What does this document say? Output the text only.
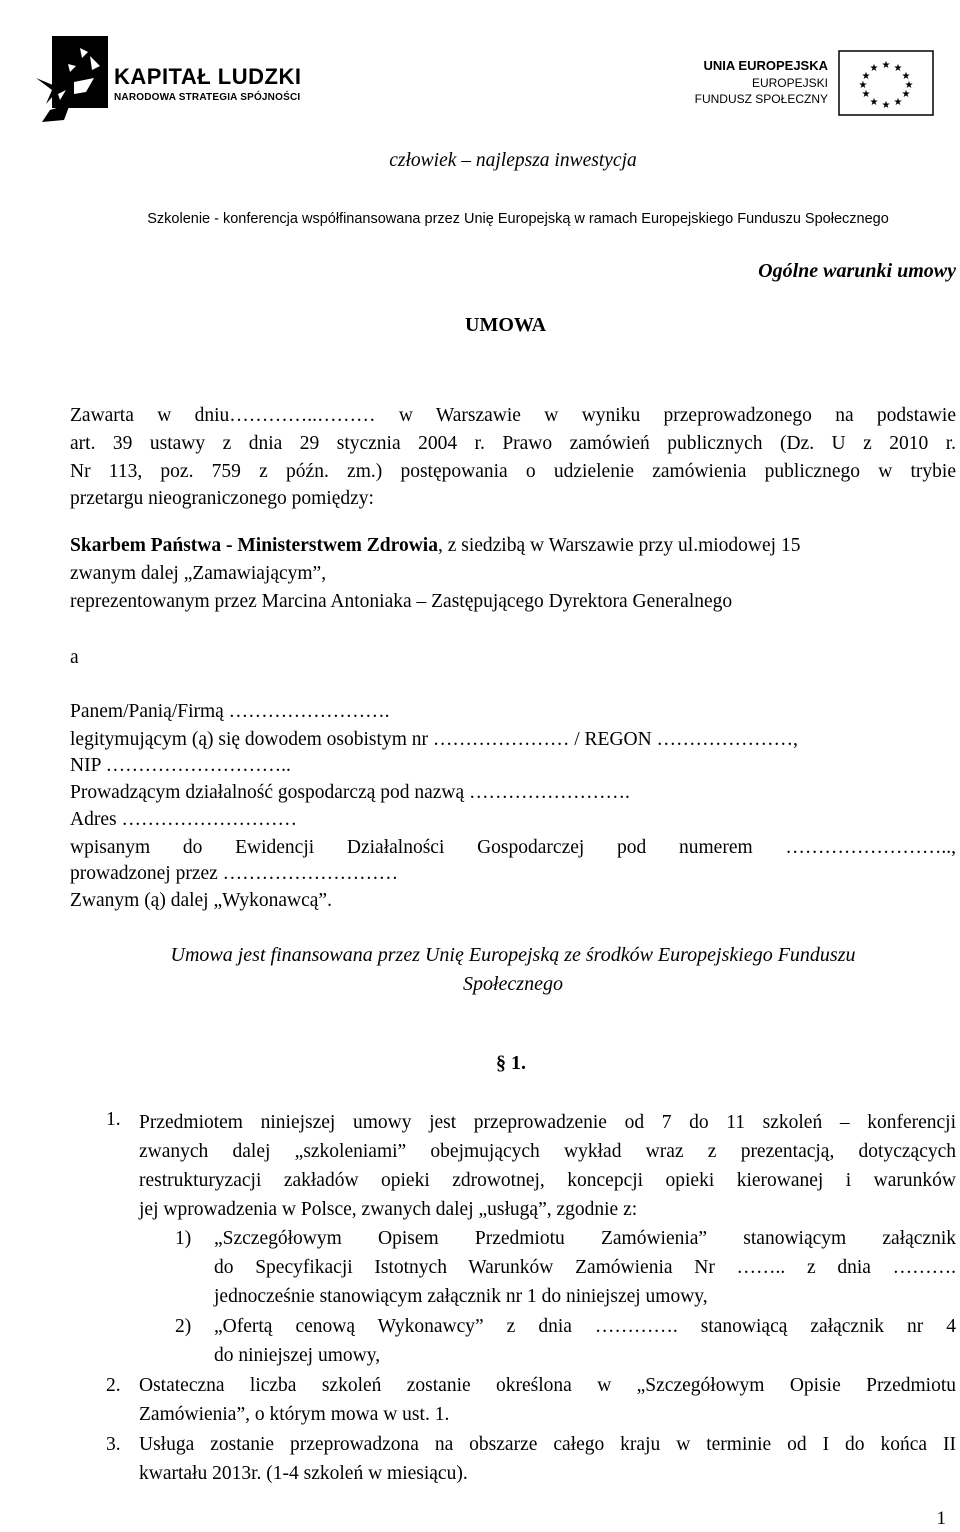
KAPITAŁ LUDZKI
NARODOWA STRATEGIA SPÓJNOŚCI
UNIA EUROPEJSKA
EUROPEJSKI
FUNDUSZ SPOŁECZNY
★ ★
★
★
★
★
★
★
★
★
★
★
człowiek – najlepsza inwestycja
Szkolenie - konferencja współfinansowana przez Unię Europejską w ramach Europejskiego Funduszu Społecznego
Ogólne warunki umowy
UMOWA
Zawarta w dniu…………..……… w Warszawie w wyniku przeprowadzonego na podstawie
art. 39 ustawy z dnia 29 stycznia 2004 r. Prawo zamówień publicznych (Dz. U z 2010 r.
Nr 113, poz. 759 z późn. zm.) postępowania o udzielenie zamówienia publicznego w trybie
przetargu nieograniczonego pomiędzy:
Skarbem Państwa - Ministerstwem Zdrowia, z siedzibą w Warszawie przy ul.miodowej 15
zwanym dalej „Zamawiającym”,
reprezentowanym przez Marcina Antoniaka – Zastępującego Dyrektora Generalnego
a
Panem/Panią/Firmą …………………….
legitymującym (ą) się dowodem osobistym nr ………………… / REGON …………………,
NIP ………………………..
Prowadzącym działalność gospodarczą pod nazwą …………………….
Adres ………………………
wpisanym do Ewidencji Działalności Gospodarczej pod numerem ……………………..,
prowadzonej przez ………………………
Zwanym (ą) dalej „Wykonawcą”.
Umowa jest finansowana przez Unię Europejską ze środków Europejskiego Funduszu
Społecznego
§ 1.
1. Przedmiotem niniejszej umowy jest przeprowadzenie od 7 do 11 szkoleń – konferencji
zwanych dalej „szkoleniami” obejmujących wykład wraz z prezentacją, dotyczących
restrukturyzacji zakładów opieki zdrowotnej, koncepcji opieki kierowanej i warunków
jej wprowadzenia w Polsce, zwanych dalej „usługą”, zgodnie z:
1) „Szczegółowym Opisem Przedmiotu Zamówienia” stanowiącym załącznik
do Specyfikacji Istotnych Warunków Zamówienia Nr …….. z dnia ……….
jednocześnie stanowiącym załącznik nr 1 do niniejszej umowy,
2) „Ofertą cenową Wykonawcy” z dnia …………. stanowiącą załącznik nr 4
do niniejszej umowy,
2. Ostateczna liczba szkoleń zostanie określona w „Szczegółowym Opisie Przedmiotu
Zamówienia”, o którym mowa w ust. 1.
3. Usługa zostanie przeprowadzona na obszarze całego kraju w terminie od I do końca II
kwartału 2013r. (1-4 szkoleń w miesiącu).
1
